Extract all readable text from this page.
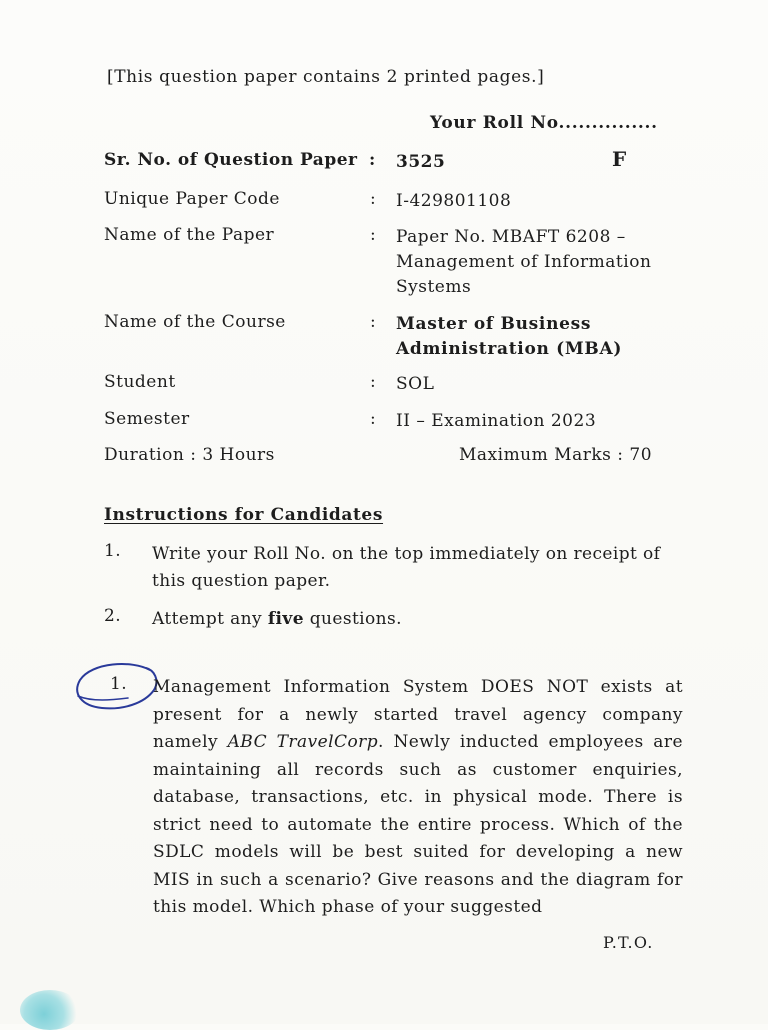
[This question paper contains 2 printed pages.]
Your Roll No...............
Sr. No. of Question Paper : 3525	F
Unique Paper Code	: I-429801108
Name of the Paper	: Paper No. MBAFT 6208 – Management of Information Systems
Name of the Course	: Master of Business Administration (MBA)
Student	: SOL
Semester	: II – Examination 2023
Duration : 3 Hours	Maximum Marks : 70
Instructions for Candidates
1. Write your Roll No. on the top immediately on receipt of this question paper.
2. Attempt any five questions.
1. Management Information System DOES NOT exists at present for a newly started travel agency company namely ABC TravelCorp. Newly inducted employees are maintaining all records such as customer enquiries, database, transactions, etc. in physical mode. There is strict need to automate the entire process. Which of the SDLC models will be best suited for developing a new MIS in such a scenario? Give reasons and the diagram for this model. Which phase of your suggested
P.T.O.
